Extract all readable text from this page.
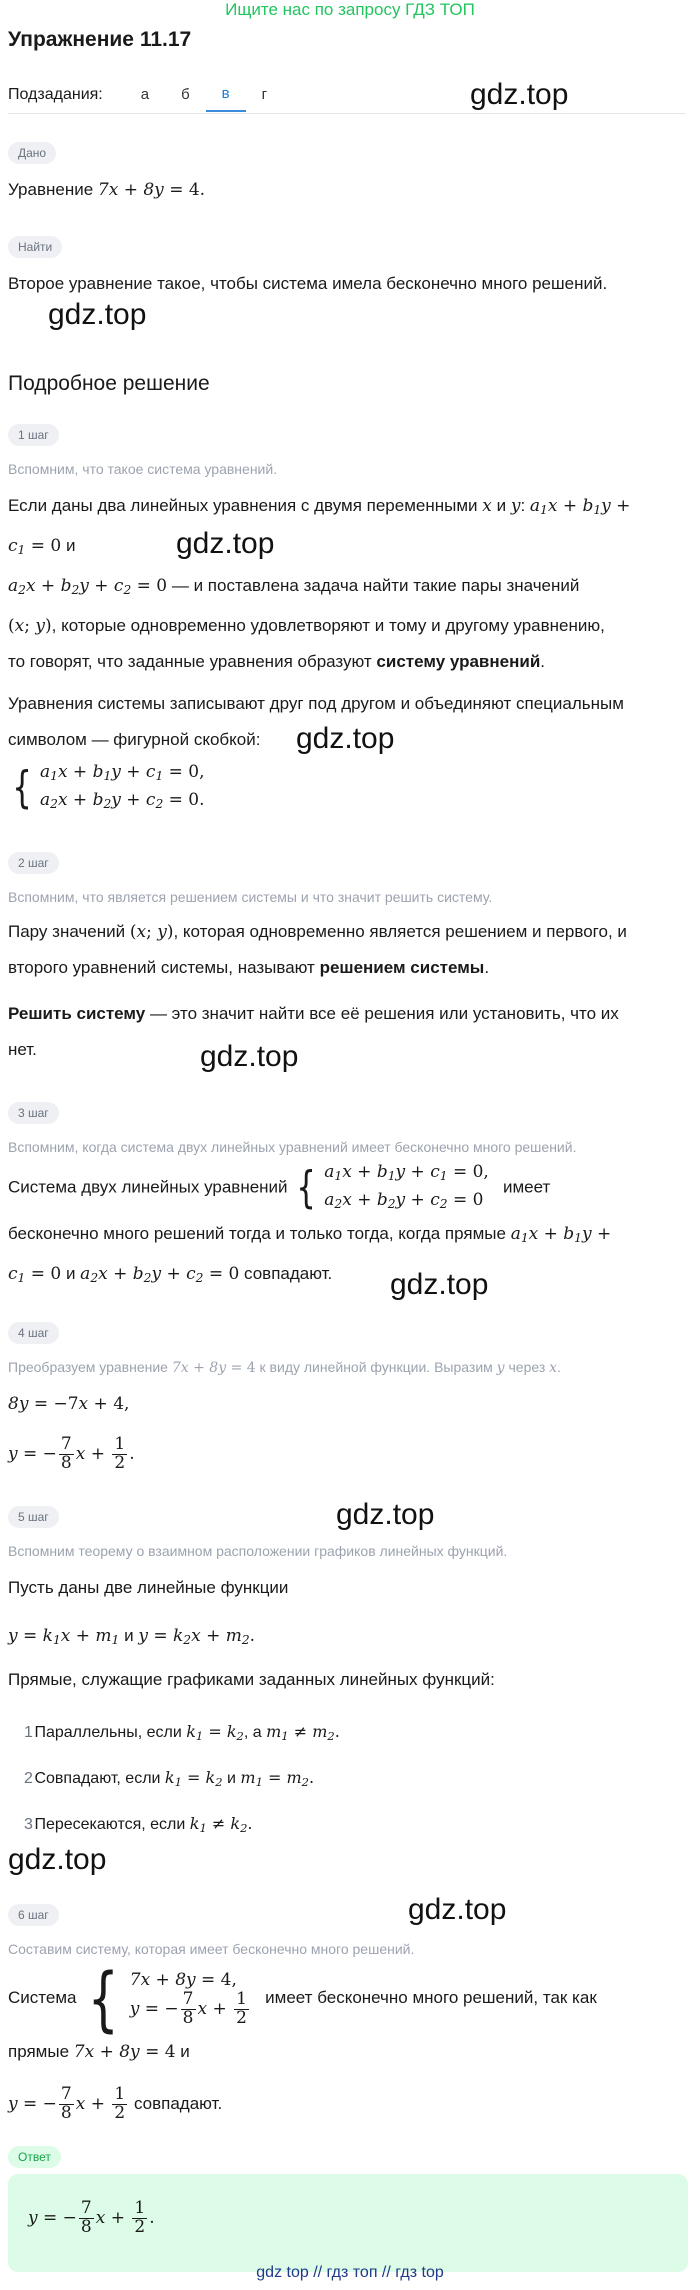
Ищите нас по запросу ГДЗ ТОП
Упражнение 11.17
gdz.top
gdz.top
gdz.top
gdz.top
gdz.top
gdz.top
gdz.top
gdz.top
gdz.top
Подзадания:	а	б	в	г
Дано
Уравнение 7x + 8y = 4.
Найти
Второе уравнение такое, чтобы система имела бесконечно много решений.
Подробное решение
1 шаг
Вспомним, что такое система уравнений.
Если даны два линейных уравнения с двумя переменными x и y: $a_1x + b_1y$ +
$c_1 = 0$ и
$a_2x + b_2y + c_2 = 0$ — и поставлена задача найти такие пары значений
(x; y), которые одновременно удовлетворяют и тому и другому уравнению,
то говорят, что заданные уравнения образуют систему уравнений.
Уравнения системы записывают друг под другом и объединяют специальным
символом — фигурной скобкой:
{ $a_1x + b_1y + c_1 = 0$,
$a_2x + b_2y + c_2 = 0$.
2 шаг
Вспомним, что является решением системы и что значит решить систему.
Пару значений (x; y), которая одновременно является решением и первого, и
второго уравнений системы, называют решением системы.
Решить систему — это значит найти все её решения или установить, что их
нет.
3 шаг
Вспомним, когда система двух линейных уравнений имеет бесконечно много решений.
Система двух линейных уравнений { $a_1x + b_1y + c_1 = 0$,
$a_2x + b_2y + c_2 = 0$
имеет
бесконечно много решений тогда и только тогда, когда прямые $a_1x + b_1y$ +
$c_1 = 0$ и $a_2x + b_2y + c_2 = 0$ совпадают.
4 шаг
Преобразуем уравнение 7x + 8y = 4 к виду линейной функции. Выразим y через x.
8y = −7x + 4,
y = − $\frac{7}{8}$ $x + \frac{1}{2}$ .
5 шаг
Вспомним теорему о взаимном расположении графиков линейных функций.
Пусть даны две линейные функции
$y = k_1x + m_1$ и $y = k_2x + m_2$.
Прямые, служащие графиками заданных линейных функций:
1 Параллельны, если $k_1 = k_2$, а $m_1 \ne m_2$.
2 Совпадают, если $k_1 = k_2$ и $m_1 = m_2$.
3 Пересекаются, если $k_1 \ne k_2$.
6 шаг
Составим систему, которая имеет бесконечно много решений.
Система { 7x + 8y = 4,
y = − $\frac{7}{8}$ $x + \frac{1}{2}$ имеет бесконечно много решений, так как
прямые 7x + 8y = 4 и
y = − $\frac{7}{8}$ $x + \frac{1}{2}$ совпадают.
Ответ
y = − $\frac{7}{8}$ $x + \frac{1}{2}$ .
gdz top // гдз топ // гдз top
